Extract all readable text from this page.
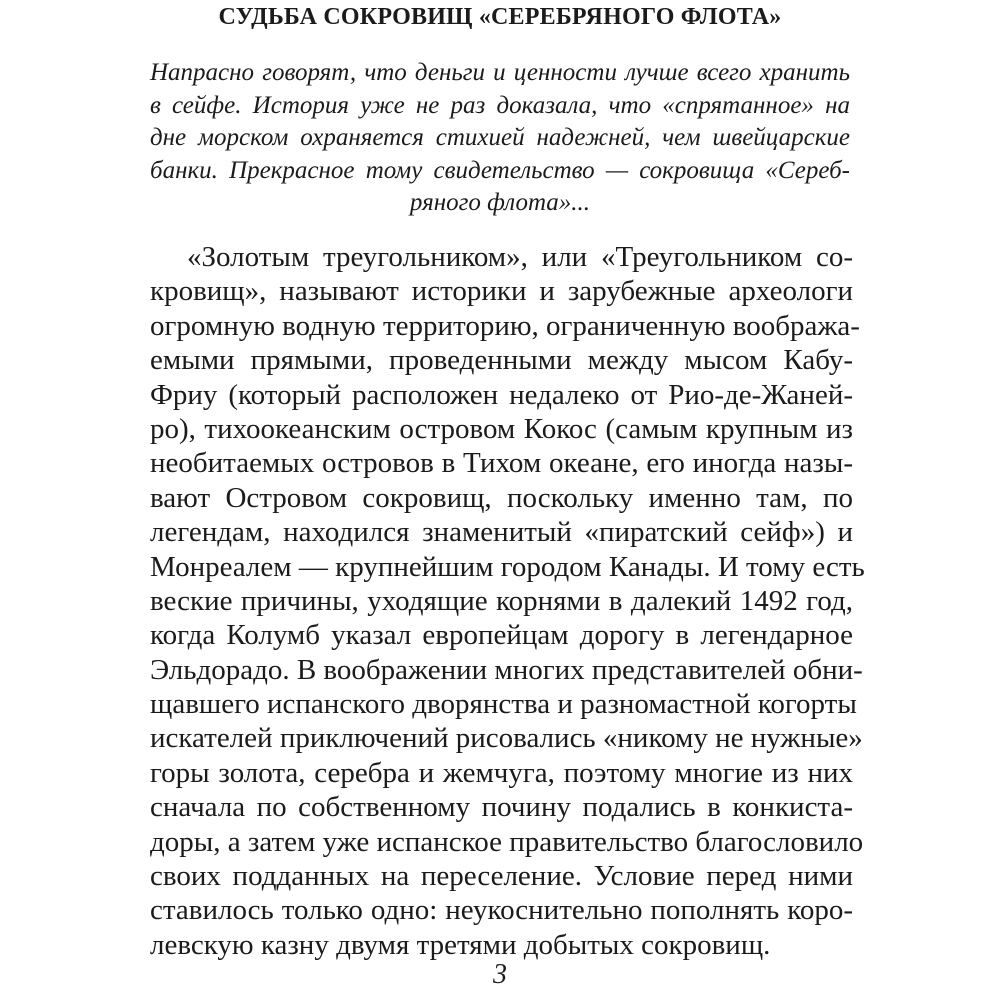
СУДЬБА СОКРОВИЩ «СЕРЕБРЯНОГО ФЛОТА»
Напрасно говорят, что деньги и ценности лучше всего хранить
в сейфе. История уже не раз доказала, что «спрятанное» на
дне морском охраняется стихией надежней, чем швейцарские
банки. Прекрасное тому свидетельство — сокровища «Сереб-
ряного флота»...
«Золотым треугольником», или «Треугольником со-
кровищ», называют историки и зарубежные археологи
огромную водную территорию, ограниченную вообража-
емыми прямыми, проведенными между мысом Кабу-
Фриу (который расположен недалеко от Рио-де-Жаней-
ро), тихоокеанским островом Кокос (самым крупным из
необитаемых островов в Тихом океане, его иногда назы-
вают Островом сокровищ, поскольку именно там, по
легендам, находился знаменитый «пиратский сейф») и
Монреалем — крупнейшим городом Канады. И тому есть
веские причины, уходящие корнями в далекий 1492 год,
когда Колумб указал европейцам дорогу в легендарное
Эльдорадо. В воображении многих представителей обни-
щавшего испанского дворянства и разномастной когорты
искателей приключений рисовались «никому не нужные»
горы золота, серебра и жемчуга, поэтому многие из них
сначала по собственному почину подались в конкиста-
доры, а затем уже испанское правительство благословило
своих подданных на переселение. Условие перед ними
ставилось только одно: неукоснительно пополнять коро-
левскую казну двумя третями добытых сокровищ.
3
